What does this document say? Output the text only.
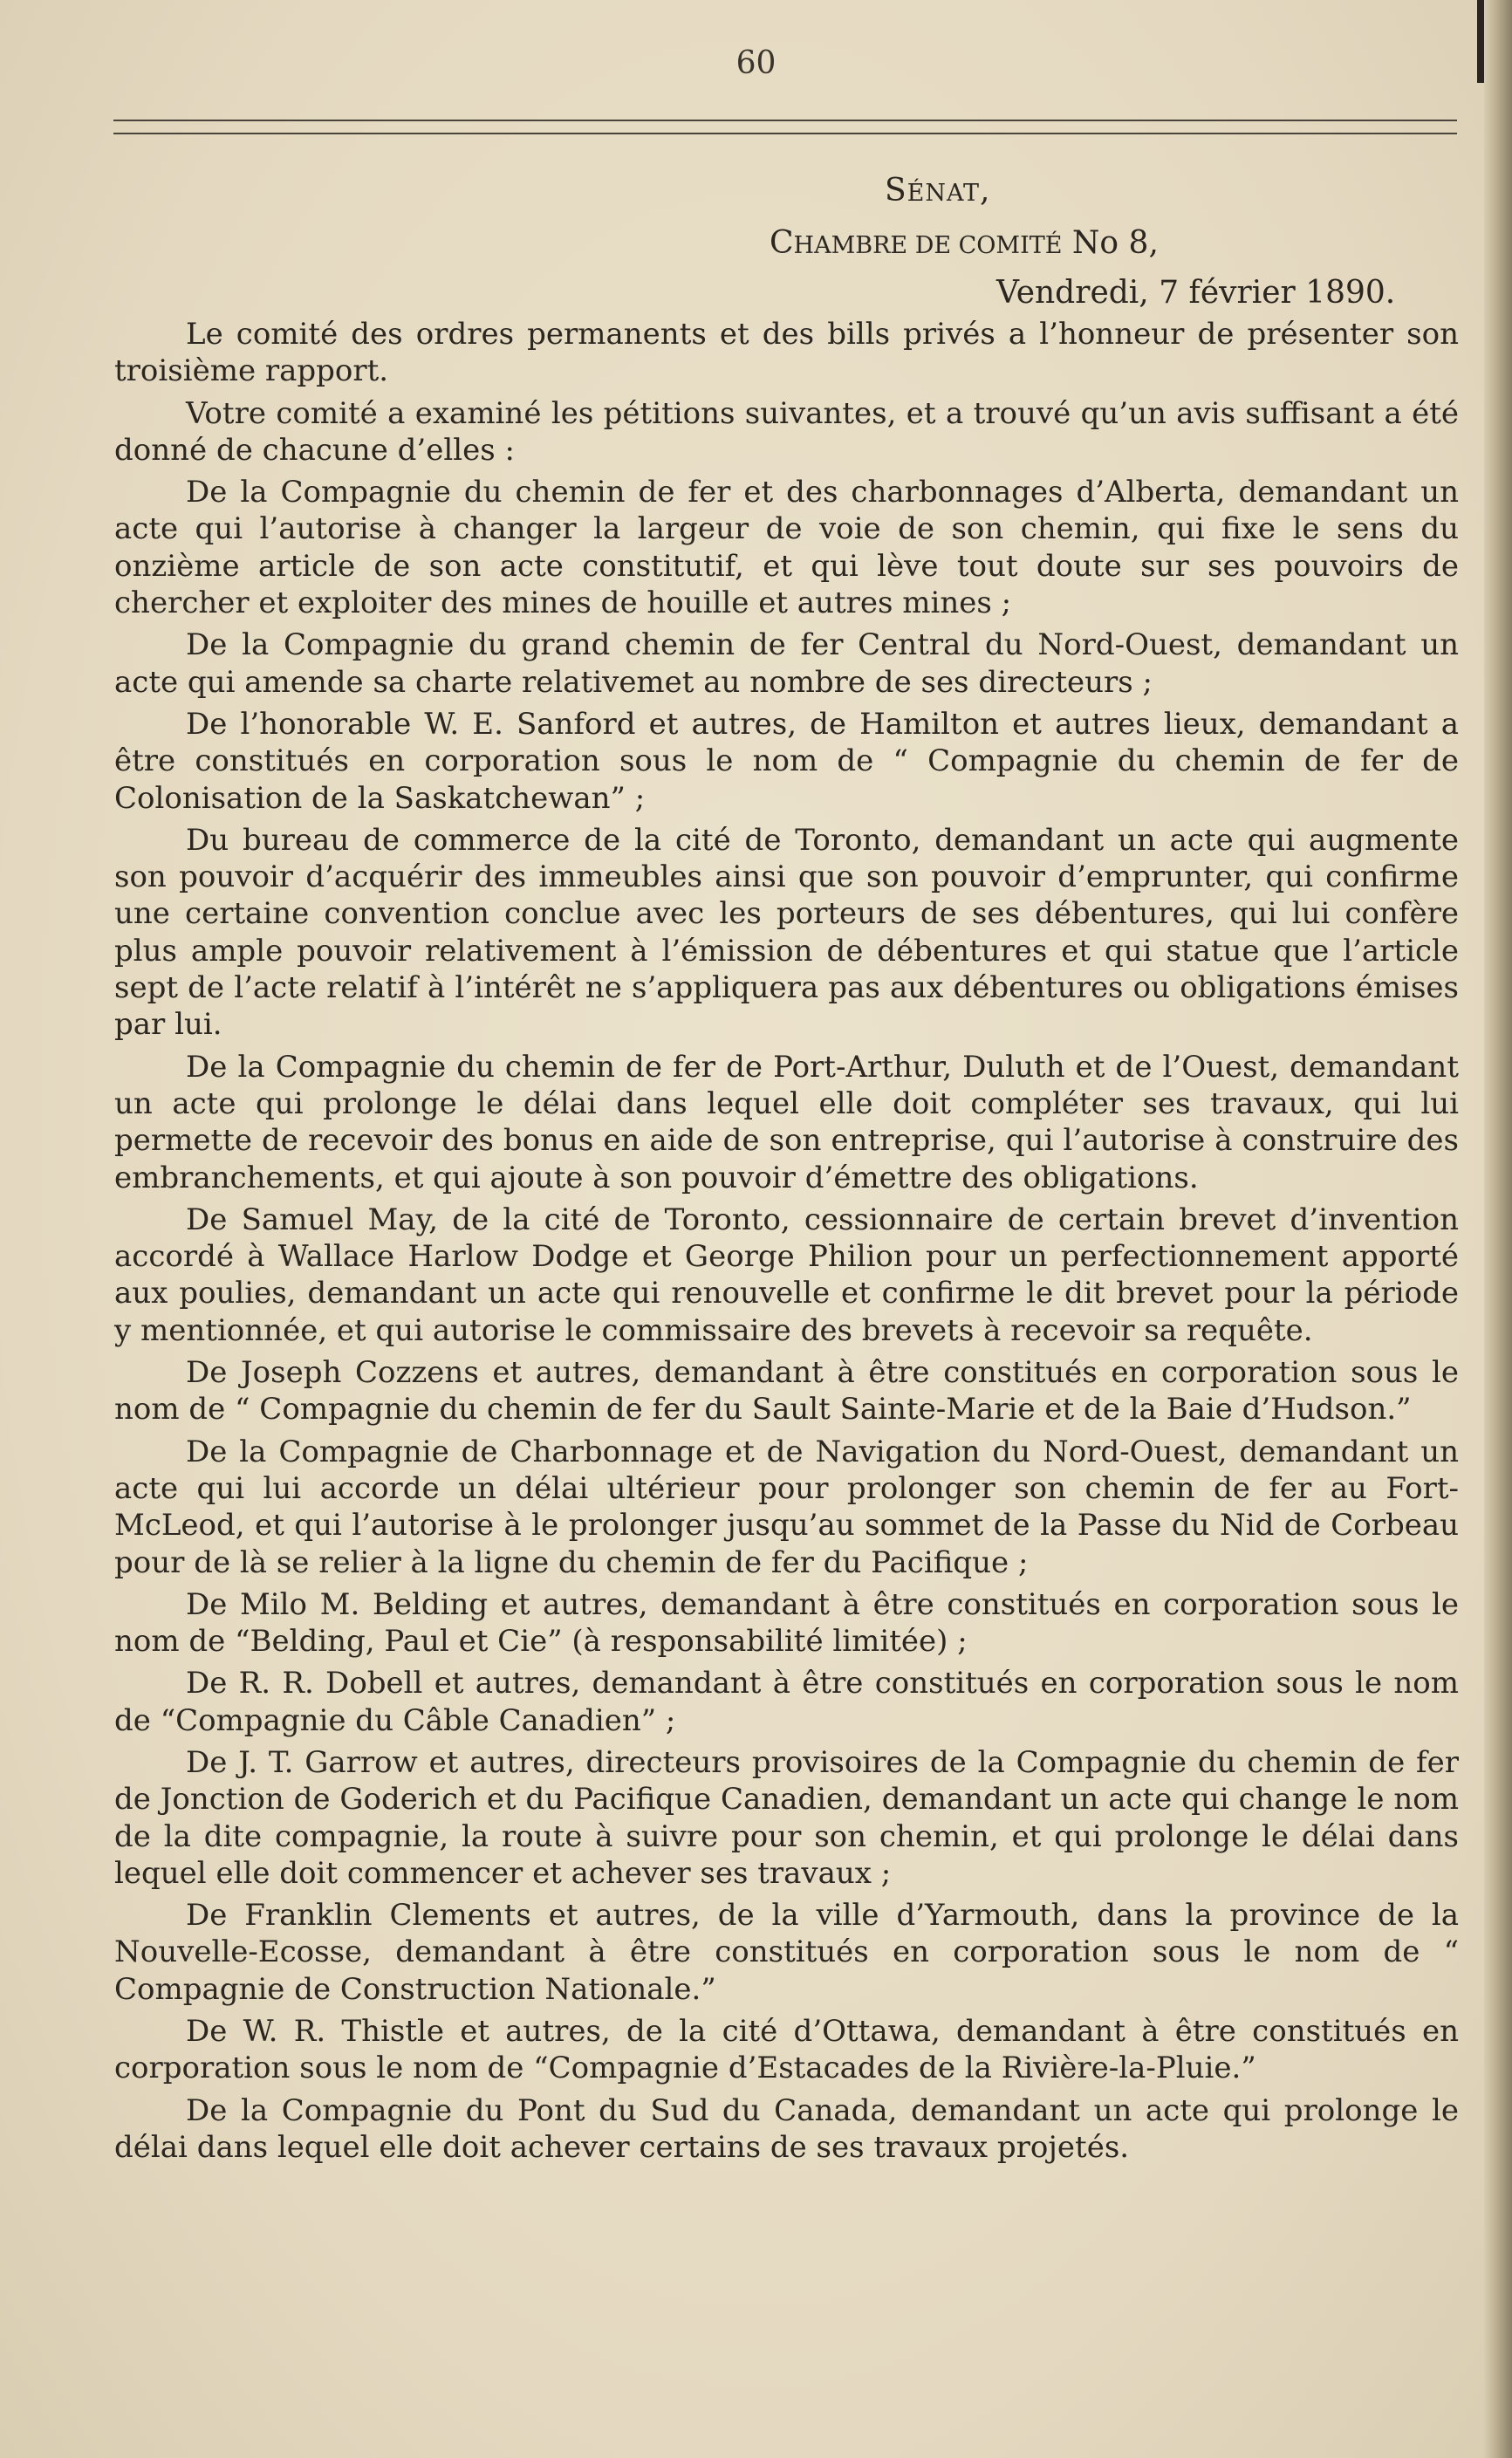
60
SÉNAT,
CHAMBRE DE COMITÉ No 8,
Vendredi, 7 février 1890.

Le comité des ordres permanents et des bills privés a l’honneur de présenter son troisième rapport.

Votre comité a examiné les pétitions suivantes, et a trouvé qu’un avis suffisant a été donné de chacune d’elles :

De la Compagnie du chemin de fer et des charbonnages d’Alberta, demandant un acte qui l’autorise à changer la largeur de voie de son chemin, qui fixe le sens du onzième article de son acte constitutif, et qui lève tout doute sur ses pouvoirs de chercher et exploiter des mines de houille et autres mines ;

De la Compagnie du grand chemin de fer Central du Nord-Ouest, demandant un acte qui amende sa charte relativemet au nombre de ses directeurs ;

De l’honorable W. E. Sanford et autres, de Hamilton et autres lieux, demandant a être constitués en corporation sous le nom de “ Compagnie du chemin de fer de Colonisation de la Saskatchewan” ;

Du bureau de commerce de la cité de Toronto, demandant un acte qui augmente son pouvoir d’acquérir des immeubles ainsi que son pouvoir d’emprunter, qui confirme une certaine convention conclue avec les porteurs de ses débentures, qui lui confère plus ample pouvoir relativement à l’émission de débentures et qui statue que l’article sept de l’acte relatif à l’intérêt ne s’appliquera pas aux débentures ou obligations émises par lui.

De la Compagnie du chemin de fer de Port-Arthur, Duluth et de l’Ouest, demandant un acte qui prolonge le délai dans lequel elle doit compléter ses travaux, qui lui permette de recevoir des bonus en aide de son entreprise, qui l’autorise à construire des embranchements, et qui ajoute à son pouvoir d’émettre des obligations.

De Samuel May, de la cité de Toronto, cessionnaire de certain brevet d’invention accordé à Wallace Harlow Dodge et George Philion pour un perfectionnement apporté aux poulies, demandant un acte qui renouvelle et confirme le dit brevet pour la période y mentionnée, et qui autorise le commissaire des brevets à recevoir sa requête.

De Joseph Cozzens et autres, demandant à être constitués en corporation sous le nom de “ Compagnie du chemin de fer du Sault Sainte-Marie et de la Baie d’Hudson.”

De la Compagnie de Charbonnage et de Navigation du Nord-Ouest, demandant un acte qui lui accorde un délai ultérieur pour prolonger son chemin de fer au Fort-McLeod, et qui l’autorise à le prolonger jusqu’au sommet de la Passe du Nid de Corbeau pour de là se relier à la ligne du chemin de fer du Pacifique ;

De Milo M. Belding et autres, demandant à être constitués en corporation sous le nom de “Belding, Paul et Cie” (à responsabilité limitée) ;

De R. R. Dobell et autres, demandant à être constitués en corporation sous le nom de “Compagnie du Câble Canadien” ;

De J. T. Garrow et autres, directeurs provisoires de la Compagnie du chemin de fer de Jonction de Goderich et du Pacifique Canadien, demandant un acte qui change le nom de la dite compagnie, la route à suivre pour son chemin, et qui prolonge le délai dans lequel elle doit commencer et achever ses travaux ;

De Franklin Clements et autres, de la ville d’Yarmouth, dans la province de la Nouvelle-Ecosse, demandant à être constitués en corporation sous le nom de “ Compagnie de Construction Nationale.”

De W. R. Thistle et autres, de la cité d’Ottawa, demandant à être constitués en corporation sous le nom de “Compagnie d’Estacades de la Rivière-la-Pluie.”

De la Compagnie du Pont du Sud du Canada, demandant un acte qui prolonge le délai dans lequel elle doit achever certains de ses travaux projetés.
